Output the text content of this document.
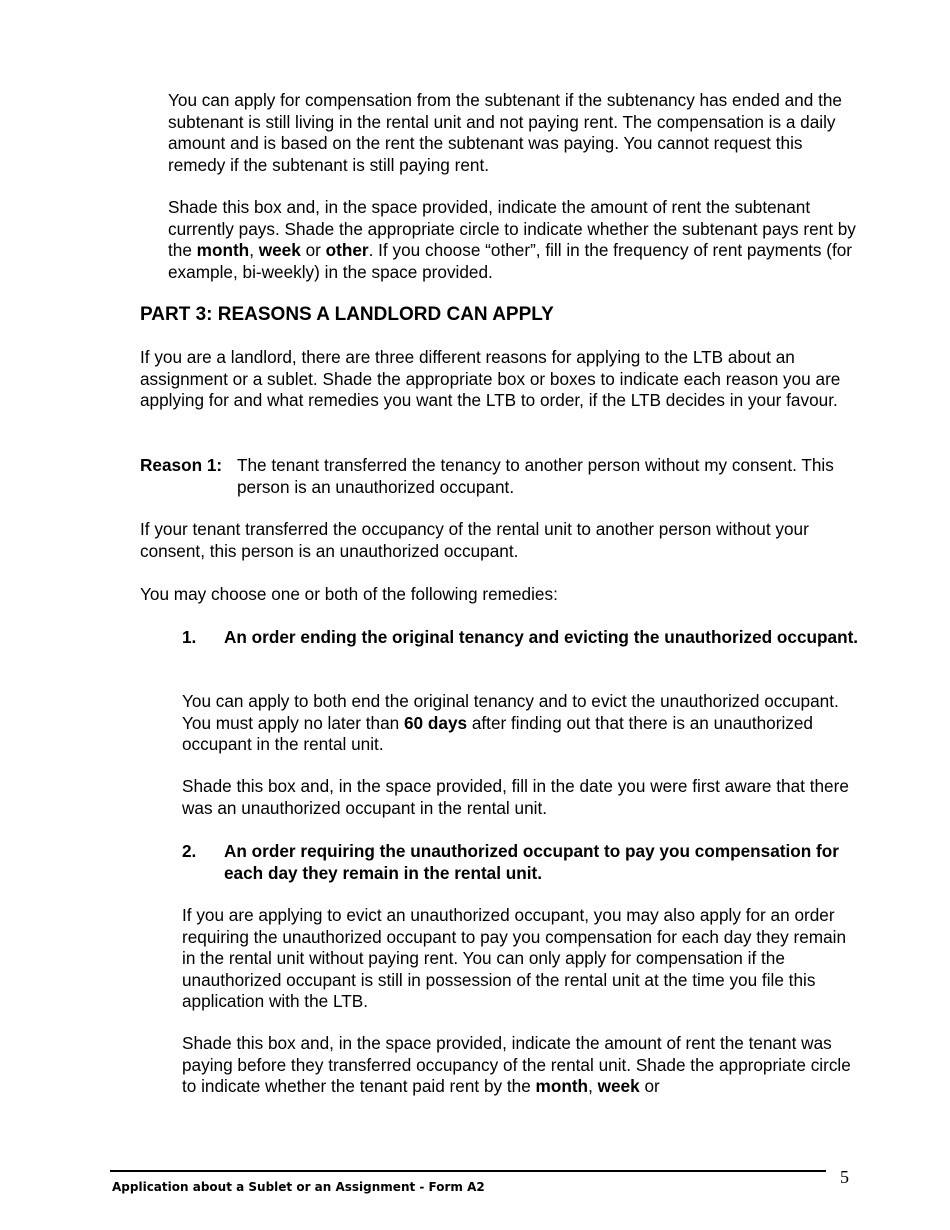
You can apply for compensation from the subtenant if the subtenancy has ended and the subtenant is still living in the rental unit and not paying rent. The compensation is a daily amount and is based on the rent the subtenant was paying. You cannot request this remedy if the subtenant is still paying rent.

Shade this box and, in the space provided, indicate the amount of rent the subtenant currently pays. Shade the appropriate circle to indicate whether the subtenant pays rent by the month, week or other. If you choose “other”, fill in the frequency of rent payments (for example, bi-weekly) in the space provided.

PART 3: REASONS A LANDLORD CAN APPLY

If you are a landlord, there are three different reasons for applying to the LTB about an assignment or a sublet. Shade the appropriate box or boxes to indicate each reason you are applying for and what remedies you want the LTB to order, if the LTB decides in your favour.

Reason 1: The tenant transferred the tenancy to another person without my consent. This person is an unauthorized occupant.

If your tenant transferred the occupancy of the rental unit to another person without your consent, this person is an unauthorized occupant.

You may choose one or both of the following remedies:

1. An order ending the original tenancy and evicting the unauthorized occupant.

You can apply to both end the original tenancy and to evict the unauthorized occupant. You must apply no later than 60 days after finding out that there is an unauthorized occupant in the rental unit.

Shade this box and, in the space provided, fill in the date you were first aware that there was an unauthorized occupant in the rental unit.

2. An order requiring the unauthorized occupant to pay you compensation for each day they remain in the rental unit.

If you are applying to evict an unauthorized occupant, you may also apply for an order requiring the unauthorized occupant to pay you compensation for each day they remain in the rental unit without paying rent. You can only apply for compensation if the unauthorized occupant is still in possession of the rental unit at the time you file this application with the LTB.

Shade this box and, in the space provided, indicate the amount of rent the tenant was paying before they transferred occupancy of the rental unit. Shade the appropriate circle to indicate whether the tenant paid rent by the month, week or

Application about a Sublet or an Assignment - Form A2	5
